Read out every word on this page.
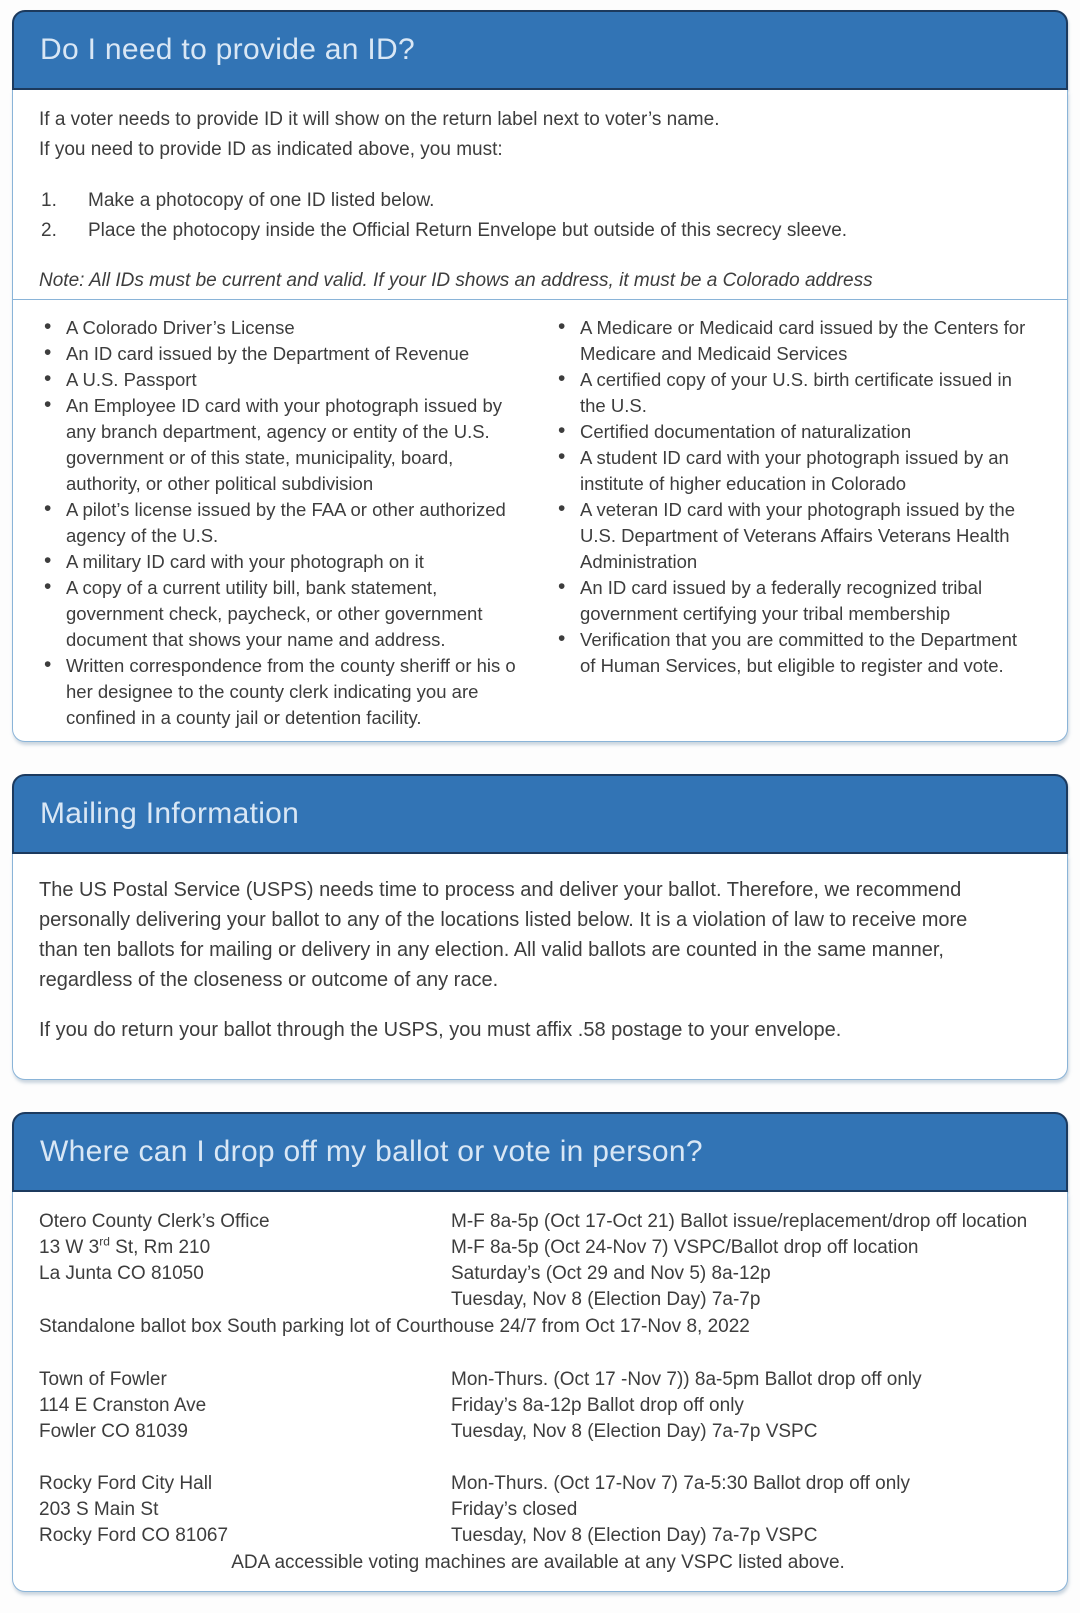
Do I need to provide an ID?

If a voter needs to provide ID it will show on the return label next to voter’s name.

If you need to provide ID as indicated above, you must:

1.	Make a photocopy of one ID listed below.
2.	Place the photocopy inside the Official Return Envelope but outside of this secrecy sleeve.

Note: All IDs must be current and valid. If your ID shows an address, it must be a Colorado address

• A Colorado Driver’s License
• An ID card issued by the Department of Revenue
• A U.S. Passport
• An Employee ID card with your photograph issued by any branch department, agency or entity of the U.S. government or of this state, municipality, board, authority, or other political subdivision
• A pilot’s license issued by the FAA or other authorized agency of the U.S.
• A military ID card with your photograph on it
• A copy of a current utility bill, bank statement, government check, paycheck, or other government document that shows your name and address.
• Written correspondence from the county sheriff or his o her designee to the county clerk indicating you are confined in a county jail or detention facility.
• A Medicare or Medicaid card issued by the Centers for Medicare and Medicaid Services
• A certified copy of your U.S. birth certificate issued in the U.S.
• Certified documentation of naturalization
• A student ID card with your photograph issued by an institute of higher education in Colorado
• A veteran ID card with your photograph issued by the U.S. Department of Veterans Affairs Veterans Health Administration
• An ID card issued by a federally recognized tribal government certifying your tribal membership
• Verification that you are committed to the Department of Human Services, but eligible to register and vote.
Mailing Information

The US Postal Service (USPS) needs time to process and deliver your ballot. Therefore, we recommend personally delivering your ballot to any of the locations listed below. It is a violation of law to receive more than ten ballots for mailing or delivery in any election. All valid ballots are counted in the same manner, regardless of the closeness or outcome of any race.

If you do return your ballot through the USPS, you must affix .58 postage to your envelope.

Where can I drop off my ballot or vote in person?

Otero County Clerk’s Office

13 W 3rd St, Rm 210

La Junta CO 81050

M-F 8a-5p (Oct 17-Oct 21) Ballot issue/replacement/drop off location

M-F 8a-5p (Oct 24-Nov 7) VSPC/Ballot drop off location

Saturday’s (Oct 29 and Nov 5) 8a-12p

Tuesday, Nov 8 (Election Day) 7a-7p

Standalone ballot box South parking lot of Courthouse 24/7 from Oct 17-Nov 8, 2022

Town of Fowler

114 E Cranston Ave

Fowler CO 81039

Mon-Thurs. (Oct 17 -Nov 7)) 8a-5pm Ballot drop off only

Friday’s 8a-12p Ballot drop off only

Tuesday, Nov 8 (Election Day) 7a-7p VSPC

Rocky Ford City Hall

203 S Main St

Rocky Ford CO 81067

Mon-Thurs. (Oct 17-Nov 7) 7a-5:30 Ballot drop off only

Friday’s closed

Tuesday, Nov 8 (Election Day) 7a-7p VSPC

ADA accessible voting machines are available at any VSPC listed above.
